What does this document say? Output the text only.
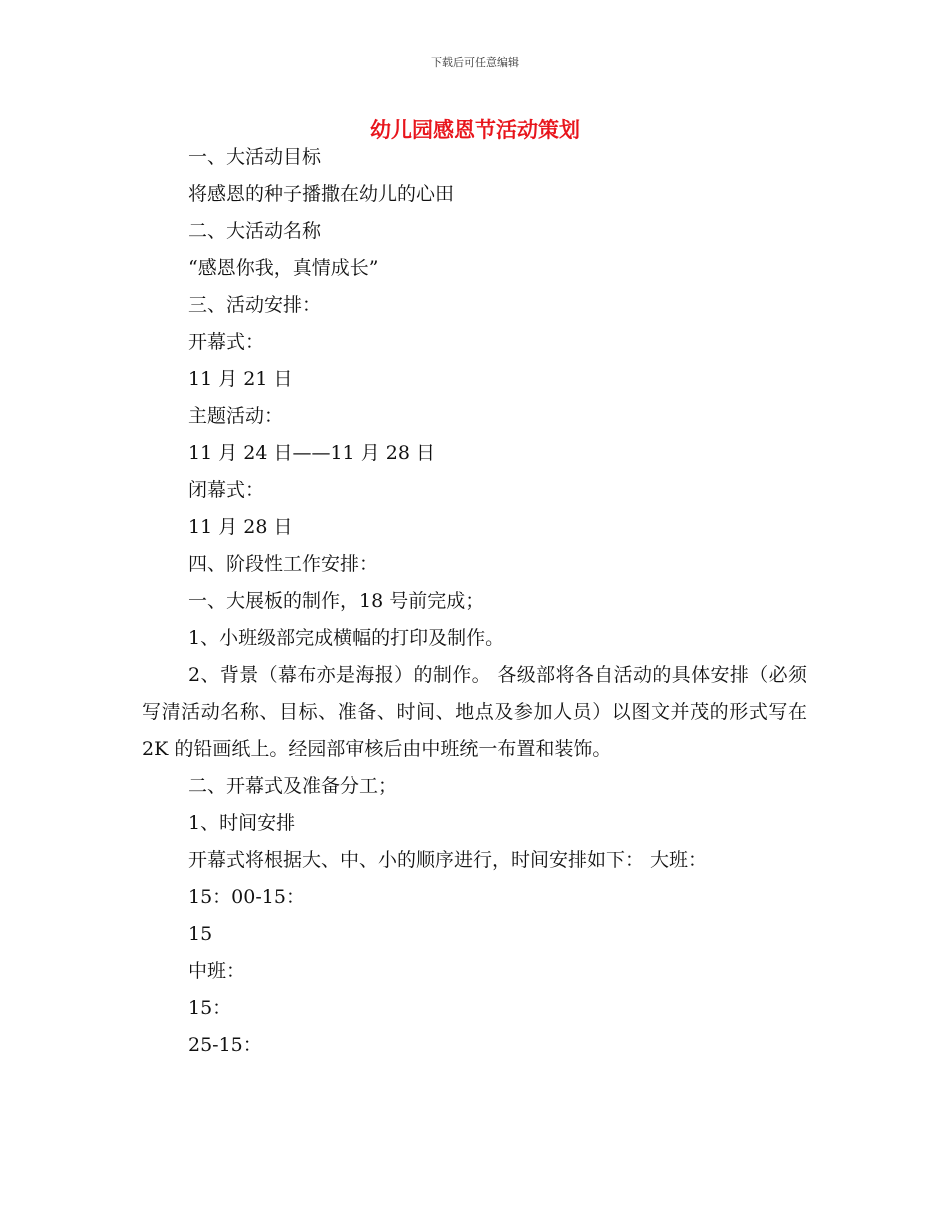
下载后可任意编辑
幼儿园感恩节活动策划
一、大活动目标
将感恩的种子播撒在幼儿的心田
二、大活动名称
“感恩你我，真情成长”
三、活动安排：
开幕式：
11 月 21 日
主题活动：
11 月 24 日——11 月 28 日
闭幕式：
11 月 28 日
四、阶段性工作安排：
一、大展板的制作，18 号前完成；
1、小班级部完成横幅的打印及制作。
2、背景（幕布亦是海报）的制作。 各级部将各自活动的具体安排（必须写清活动名称、目标、准备、时间、地点及参加人员）以图文并茂的形式写在 2K 的铅画纸上。经园部审核后由中班统一布置和装饰。
二、开幕式及准备分工；
1、时间安排
开幕式将根据大、中、小的顺序进行，时间安排如下： 大班：
15：00-15：
15
中班：
15：
25-15：
